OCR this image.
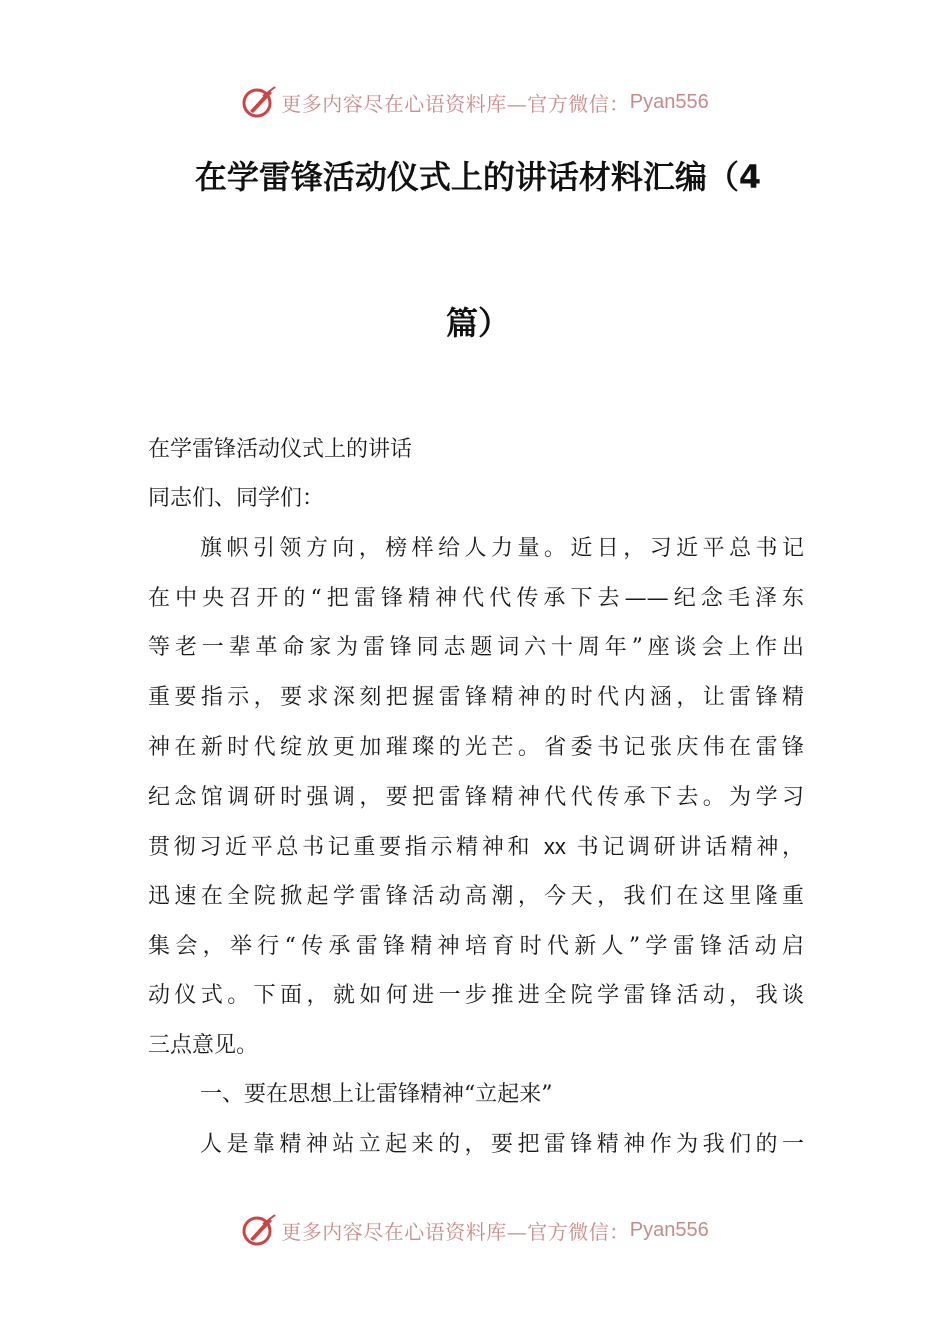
更多内容尽在心语资料库—官方微信： Pyan556
在学雷锋活动仪式上的讲话材料汇编（4
篇）
在学雷锋活动仪式上的讲话
同志们、同学们：
旗帜引领方向，榜样给人力量。近日，习近平总书记
在中央召开的“把雷锋精神代代传承下去——纪念毛泽东
等老一辈革命家为雷锋同志题词六十周年”座谈会上作出
重要指示，要求深刻把握雷锋精神的时代内涵，让雷锋精
神在新时代绽放更加璀璨的光芒。省委书记张庆伟在雷锋
纪念馆调研时强调，要把雷锋精神代代传承下去。为学习
贯彻习近平总书记重要指示精神和 xx 书记调研讲话精神，
迅速在全院掀起学雷锋活动高潮，今天，我们在这里隆重
集会，举行“传承雷锋精神培育时代新人”学雷锋活动启
动仪式。下面，就如何进一步推进全院学雷锋活动，我谈
三点意见。
一、要在思想上让雷锋精神“立起来”
人是靠精神站立起来的，要把雷锋精神作为我们的一
更多内容尽在心语资料库—官方微信： Pyan556
